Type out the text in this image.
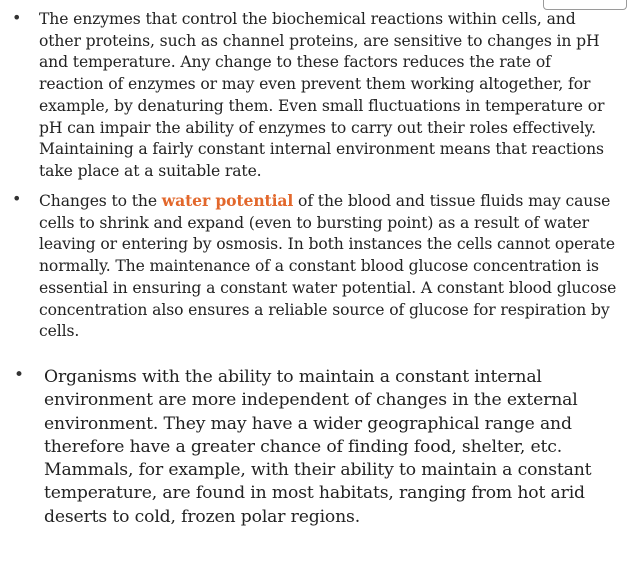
• The enzymes that control the biochemical reactions within cells, and other proteins, such as channel proteins, are sensitive to changes in pH and temperature. Any change to these factors reduces the rate of reaction of enzymes or may even prevent them working altogether, for example, by denaturing them. Even small fluctuations in temperature or pH can impair the ability of enzymes to carry out their roles effectively. Maintaining a fairly constant internal environment means that reactions take place at a suitable rate.
• Changes to the water potential of the blood and tissue fluids may cause cells to shrink and expand (even to bursting point) as a result of water leaving or entering by osmosis. In both instances the cells cannot operate normally. The maintenance of a constant blood glucose concentration is essential in ensuring a constant water potential. A constant blood glucose concentration also ensures a reliable source of glucose for respiration by cells.
• Organisms with the ability to maintain a constant internal environment are more independent of changes in the external environment. They may have a wider geographical range and therefore have a greater chance of finding food, shelter, etc. Mammals, for example, with their ability to maintain a constant temperature, are found in most habitats, ranging from hot arid deserts to cold, frozen polar regions.
